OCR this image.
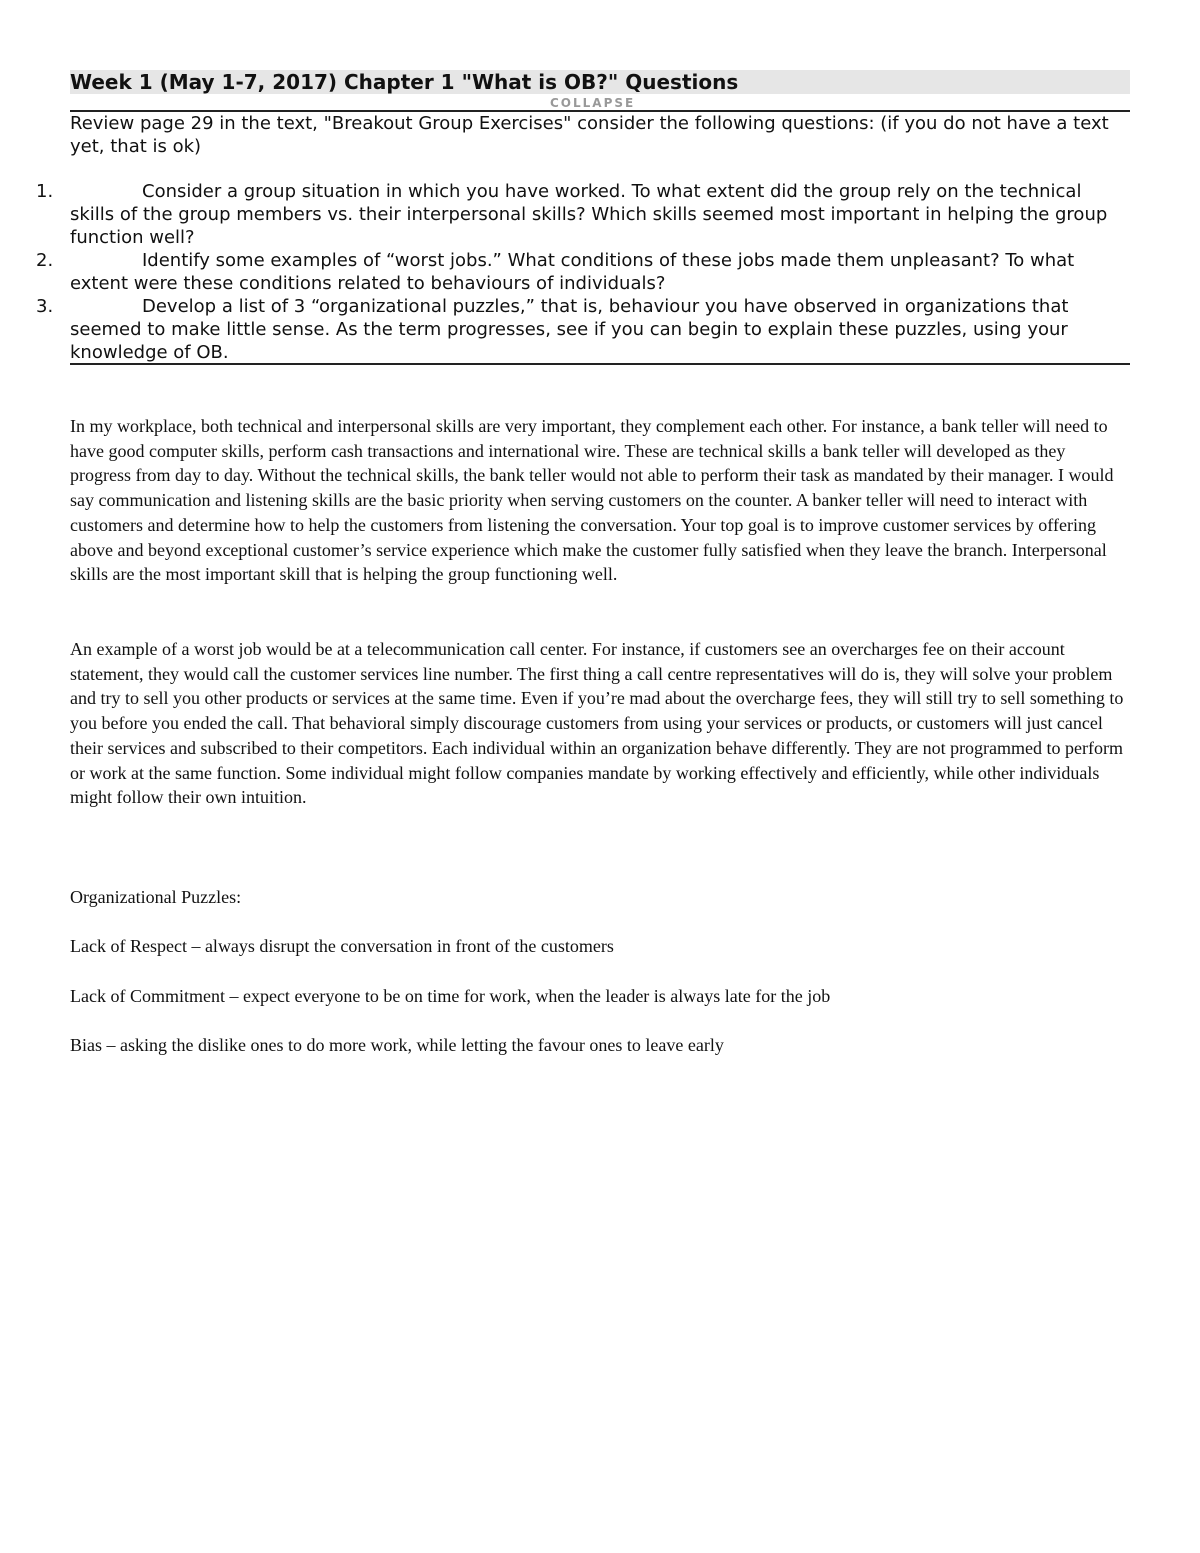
Week 1 (May 1-7, 2017) Chapter 1 "What is OB?" Questions
COLLAPSE

Review page 29 in the text, "Breakout Group Exercises" consider the following questions: (if you do not have a text yet, that is ok)

1.	Consider a group situation in which you have worked. To what extent did the group rely on the technical skills of the group members vs. their interpersonal skills? Which skills seemed most important in helping the group function well?
2.	Identify some examples of “worst jobs.” What conditions of these jobs made them unpleasant? To what extent were these conditions related to behaviours of individuals?
3.	Develop a list of 3 “organizational puzzles,” that is, behaviour you have observed in organizations that seemed to make little sense. As the term progresses, see if you can begin to explain these puzzles, using your knowledge of OB.

In my workplace, both technical and interpersonal skills are very important, they complement each other. For instance, a bank teller will need to have good computer skills, perform cash transactions and international wire. These are technical skills a bank teller will developed as they progress from day to day. Without the technical skills, the bank teller would not able to perform their task as mandated by their manager. I would say communication and listening skills are the basic priority when serving customers on the counter. A banker teller will need to interact with customers and determine how to help the customers from listening the conversation. Your top goal is to improve customer services by offering above and beyond exceptional customer’s service experience which make the customer fully satisfied when they leave the branch. Interpersonal skills are the most important skill that is helping the group functioning well.

An example of a worst job would be at a telecommunication call center. For instance, if customers see an overcharges fee on their account statement, they would call the customer services line number. The first thing a call centre representatives will do is, they will solve your problem and try to sell you other products or services at the same time. Even if you’re mad about the overcharge fees, they will still try to sell something to you before you ended the call. That behavioral simply discourage customers from using your services or products, or customers will just cancel their services and subscribed to their competitors. Each individual within an organization behave differently. They are not programmed to perform or work at the same function. Some individual might follow companies mandate by working effectively and efficiently, while other individuals might follow their own intuition.

Organizational Puzzles:

Lack of Respect – always disrupt the conversation in front of the customers

Lack of Commitment – expect everyone to be on time for work, when the leader is always late for the job

Bias – asking the dislike ones to do more work, while letting the favour ones to leave early
